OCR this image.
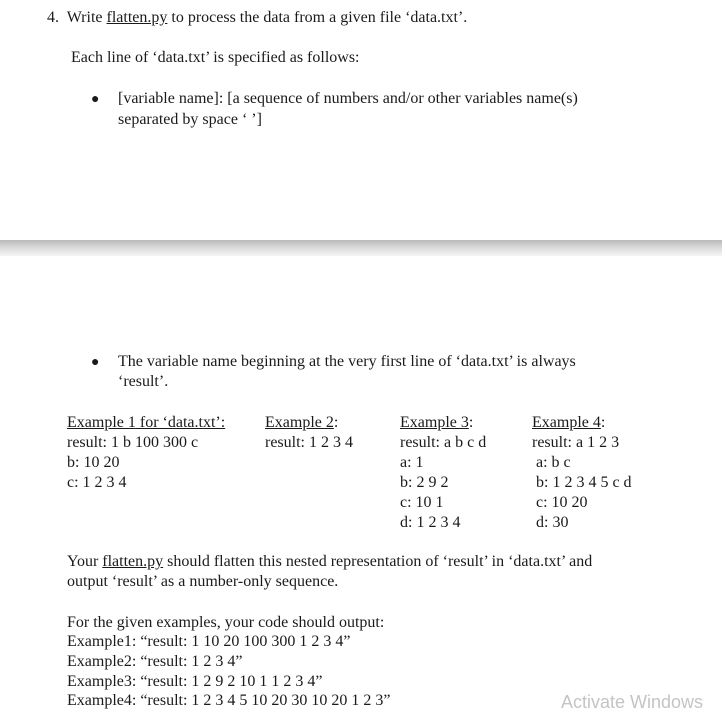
4. Write flatten.py to process the data from a given file ‘data.txt’.
Each line of ‘data.txt’ is specified as follows:
● [variable name]: [a sequence of numbers and/or other variables name(s)
separated by space ‘ ’]
● The variable name beginning at the very first line of ‘data.txt’ is always
‘result’.
Example 1 for ‘data.txt’:
result: 1 b 100 300 c
b: 10 20
c: 1 2 3 4
Example 2:
result: 1 2 3 4
Example 3:
result: a b c d
a: 1
b: 2 9 2
c: 10 1
d: 1 2 3 4
Example 4:
result: a 1 2 3
a: b c
b: 1 2 3 4 5 c d
c: 10 20
d: 30
Your flatten.py should flatten this nested representation of ‘result’ in ‘data.txt’ and
output ‘result’ as a number-only sequence.
For the given examples, your code should output:
Example1: “result: 1 10 20 100 300 1 2 3 4”
Example2: “result: 1 2 3 4”
Example3: “result: 1 2 9 2 10 1 1 2 3 4”
Example4: “result: 1 2 3 4 5 10 20 30 10 20 1 2 3”	Activate Windows
